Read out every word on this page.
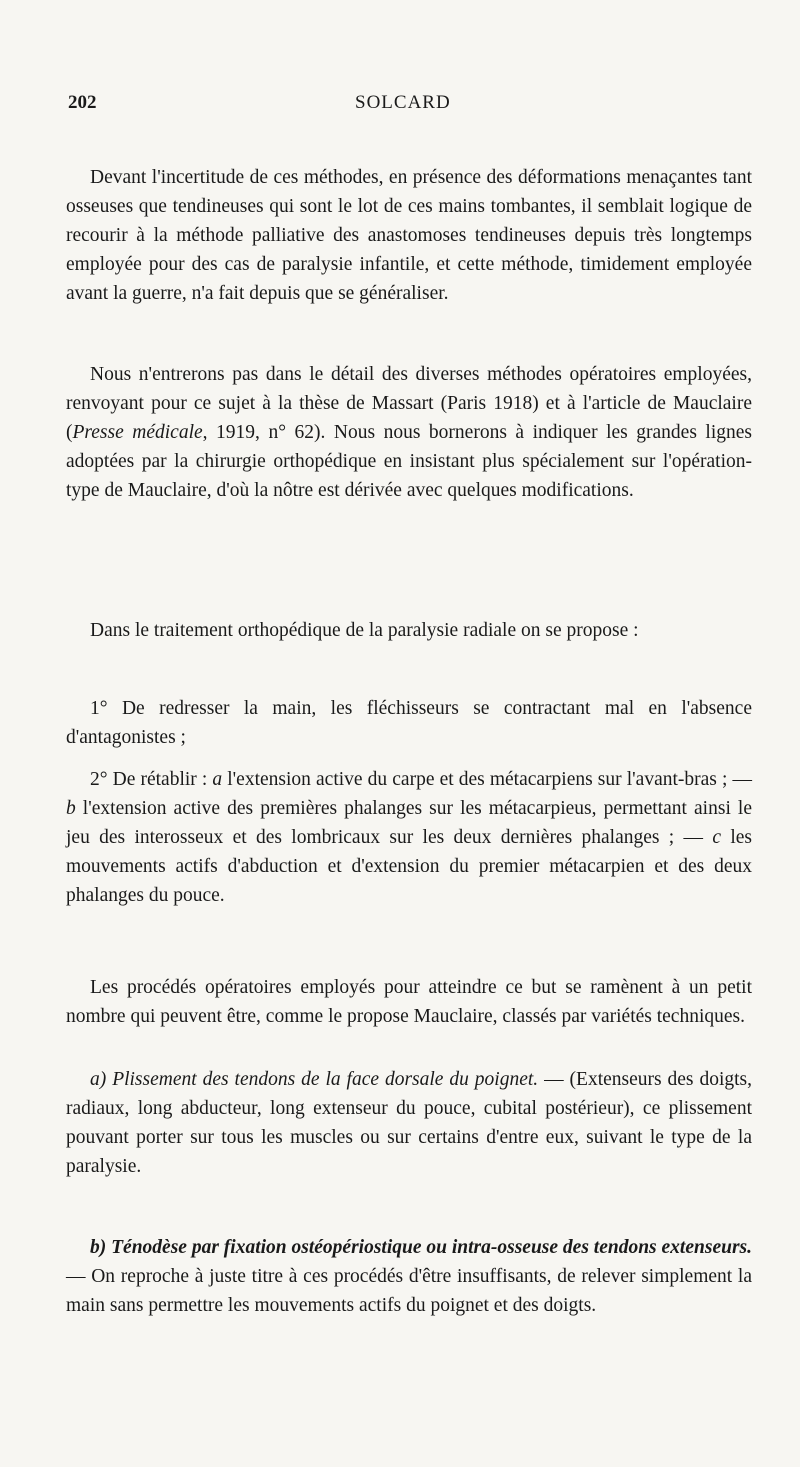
202	SOLCARD

Devant l'incertitude de ces méthodes, en présence des déformations menaçantes tant osseuses que tendineuses qui sont le lot de ces mains tombantes, il semblait logique de recourir à la méthode palliative des anastomoses tendineuses depuis très longtemps employée pour des cas de paralysie infantile, et cette méthode, timidement employée avant la guerre, n'a fait depuis que se généraliser.

Nous n'entrerons pas dans le détail des diverses méthodes opératoires employées, renvoyant pour ce sujet à la thèse de Massart (Paris 1918) et à l'article de Mauclaire (Presse médicale, 1919, n° 62). Nous nous bornerons à indiquer les grandes lignes adoptées par la chirurgie orthopédique en insistant plus spécialement sur l'opération-type de Mauclaire, d'où la nôtre est dérivée avec quelques modifications.

Dans le traitement orthopédique de la paralysie radiale on se propose :

1° De redresser la main, les fléchisseurs se contractant mal en l'absence d'antagonistes ;

2° De rétablir : a l'extension active du carpe et des métacarpiens sur l'avant-bras ; — b l'extension active des premières phalanges sur les métacarpieus, permettant ainsi le jeu des interosseux et des lombricaux sur les deux dernières phalanges ; — c les mouvements actifs d'abduction et d'extension du premier métacarpien et des deux phalanges du pouce.

Les procédés opératoires employés pour atteindre ce but se ramènent à un petit nombre qui peuvent être, comme le propose Mauclaire, classés par variétés techniques.

a) Plissement des tendons de la face dorsale du poignet. — (Extenseurs des doigts, radiaux, long abducteur, long extenseur du pouce, cubital postérieur), ce plissement pouvant porter sur tous les muscles ou sur certains d'entre eux, suivant le type de la paralysie.

b) Ténodèse par fixation ostéopériostique ou intra-osseuse des tendons extenseurs. — On reproche à juste titre à ces procédés d'être insuffisants, de relever simplement la main sans permettre les mouvements actifs du poignet et des doigts.
